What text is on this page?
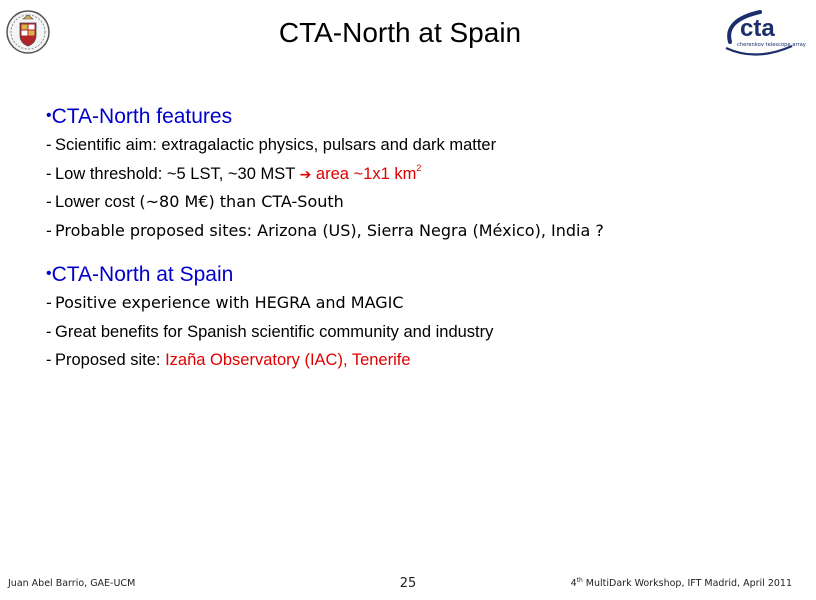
CTA-North at Spain	cta
cherenkov telescope array
•CTA-North features
- Scientific aim: extragalactic physics, pulsars and dark matter
- Low threshold: ~5 LST, ~30 MST ➔ area ~1x1 $km^2$
- Lower cost (~80 M€) than CTA-South
- Probable proposed sites: Arizona (US), Sierra Negra (México), India ?
•CTA-North at Spain
- Positive experience with HEGRA and MAGIC
- Great benefits for Spanish scientific community and industry
- Proposed site: Izaña Observatory (IAC), Tenerife
Juan Abel Barrio, GAE-UCM	25	4th MultiDark Workshop, IFT Madrid, April 2011
